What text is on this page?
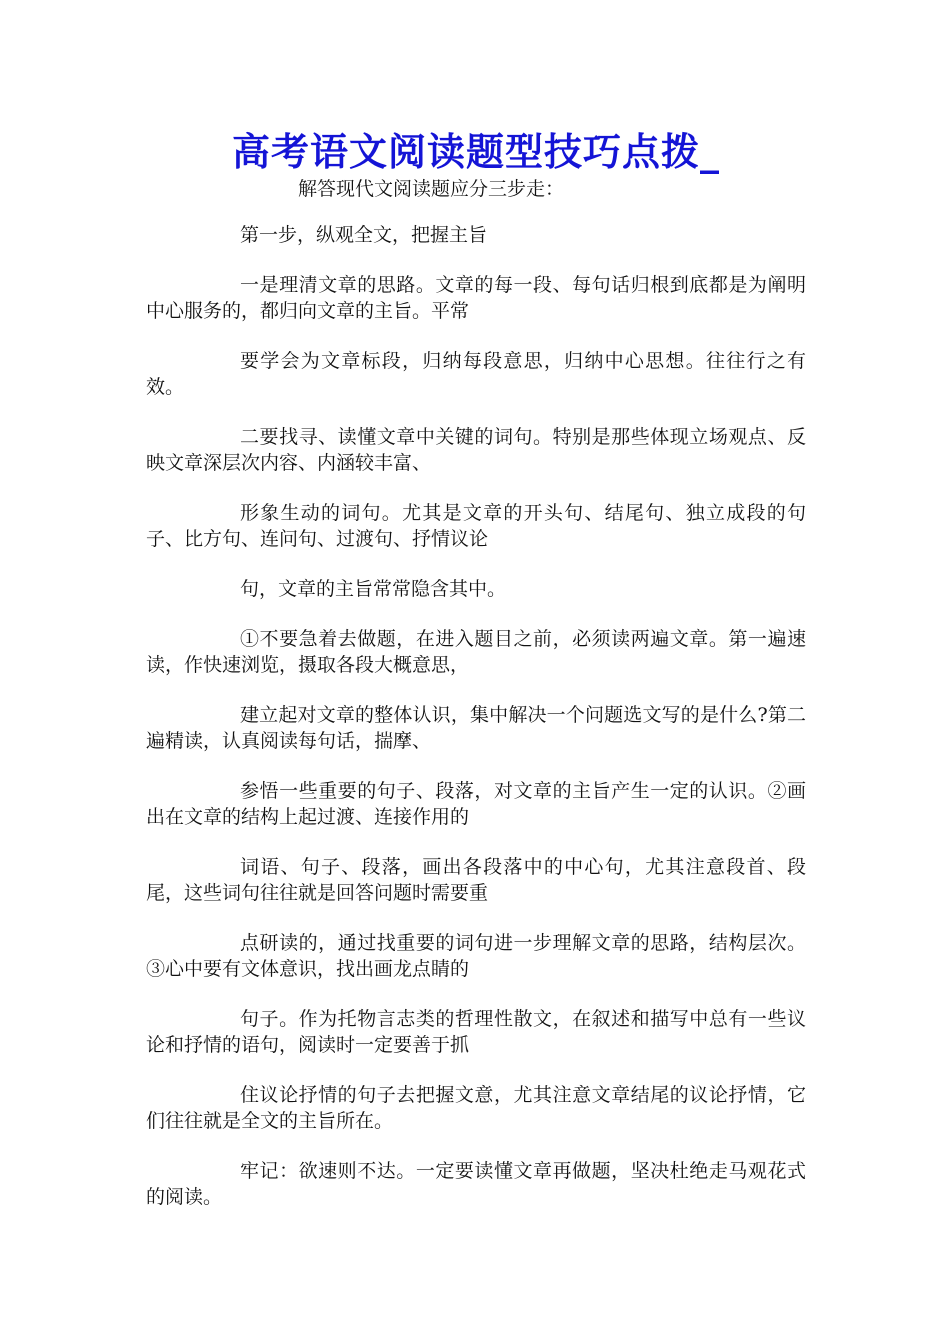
高考语文阅读题型技巧点拨_

解答现代文阅读题应分三步走：

第一步，纵观全文，把握主旨

一是理清文章的思路。文章的每一段、每句话归根到底都是为阐明中心服务的，都归向文章的主旨。平常

要学会为文章标段，归纳每段意思，归纳中心思想。往往行之有效。

二要找寻、读懂文章中关键的词句。特别是那些体现立场观点、反映文章深层次内容、内涵较丰富、

形象生动的词句。尤其是文章的开头句、结尾句、独立成段的句子、比方句、连问句、过渡句、抒情议论

句，文章的主旨常常隐含其中。

①不要急着去做题，在进入题目之前，必须读两遍文章。第一遍速读，作快速浏览，摄取各段大概意思，

建立起对文章的整体认识，集中解决一个问题选文写的是什么?第二遍精读，认真阅读每句话，揣摩、

参悟一些重要的句子、段落，对文章的主旨产生一定的认识。②画出在文章的结构上起过渡、连接作用的

词语、句子、段落，画出各段落中的中心句，尤其注意段首、段尾，这些词句往往就是回答问题时需要重

点研读的，通过找重要的词句进一步理解文章的思路，结构层次。③心中要有文体意识，找出画龙点睛的

句子。作为托物言志类的哲理性散文，在叙述和描写中总有一些议论和抒情的语句，阅读时一定要善于抓

住议论抒情的句子去把握文意，尤其注意文章结尾的议论抒情，它们往往就是全文的主旨所在。

牢记：欲速则不达。一定要读懂文章再做题，坚决杜绝走马观花式的阅读。
